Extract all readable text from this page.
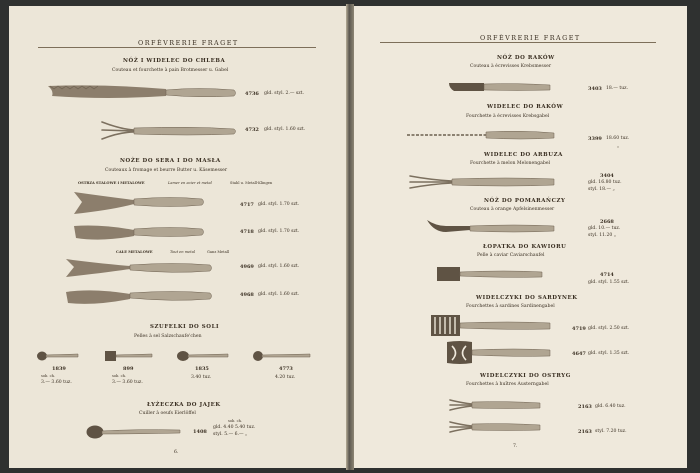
ORFÈVRERIE FRAGET
NÓŻ I WIDELEC DO CHLEBA
Couteau et fourchette à pain Brotmesser u. Gabel
4736 gld. styl. 2.— szt.
4732 gld. styl. 1.60 szt.
NOŻE DO SERA I DO MASŁA
Couteaux à fromage et beurre Butter u. Käsemesser
OSTRZA STALOWE i METALOWE	Lamer en acier et metal	Stahl u. Metall-Klingen
4717 gld. styl. 1.70 szt.
4718 gld. styl. 1.70 szt.
CAŁE METALOWE	Tout en metal	Ganz Metall
4969 gld. styl. 1.60 szt.
4968 gld. styl. 1.60 szt.
SZUFELKI DO SOLI
Pelles à sel Salzschaufe'chen
1839
sob. ch.
3.— 3.60 tuz.
899
sob. ch.
3.— 3.60 tuz.
1835
3.40 tuz.
4773
4.20 tuz.
ŁYŻECZKA DO JAJEK
Cuiller à oeufs Eierlöffel
1408
sob. ch.
gld. 4.40 5.40 tuz.
styl. 5.— 6.— „
6.
ORFÈVRERIE FRAGET
NÓŻ DO RAKÓW
Couteau à écrevisses Krebsmesser
3403 18.— tuz.
WIDELEC DO RAKÓW
Fourchette à écrevisses Krebsgabel
3399 18.60 tuz.
„
WIDELEC DO ARBUZA
Fourchette à melon Melonengabel
3404
gld. 16.80 tuz.
styl. 18.— „
NÓŻ DO POMARAŃCZY
Couteau à orange Apfelsinenmesser
2668
gld. 10.— tuz.
styl. 11.20 „
ŁOPATKA DO KAWIORU
Pelle à caviar Caviarschaufel
4714
gld. styl. 1.55 szt.
WIDELCZYKI DO SARDYNEK
Fourchettes à sardines Sardinengabel
4719 gld. styl. 2.50 szt.
4647 gld. styl. 1.35 szt.
WIDELCZYKI DO OSTRYG
Fourchettes à huîtres Austerngabel
2163 gld. 6.40 tuz.
2163 styl. 7.20 tuz.
7.
